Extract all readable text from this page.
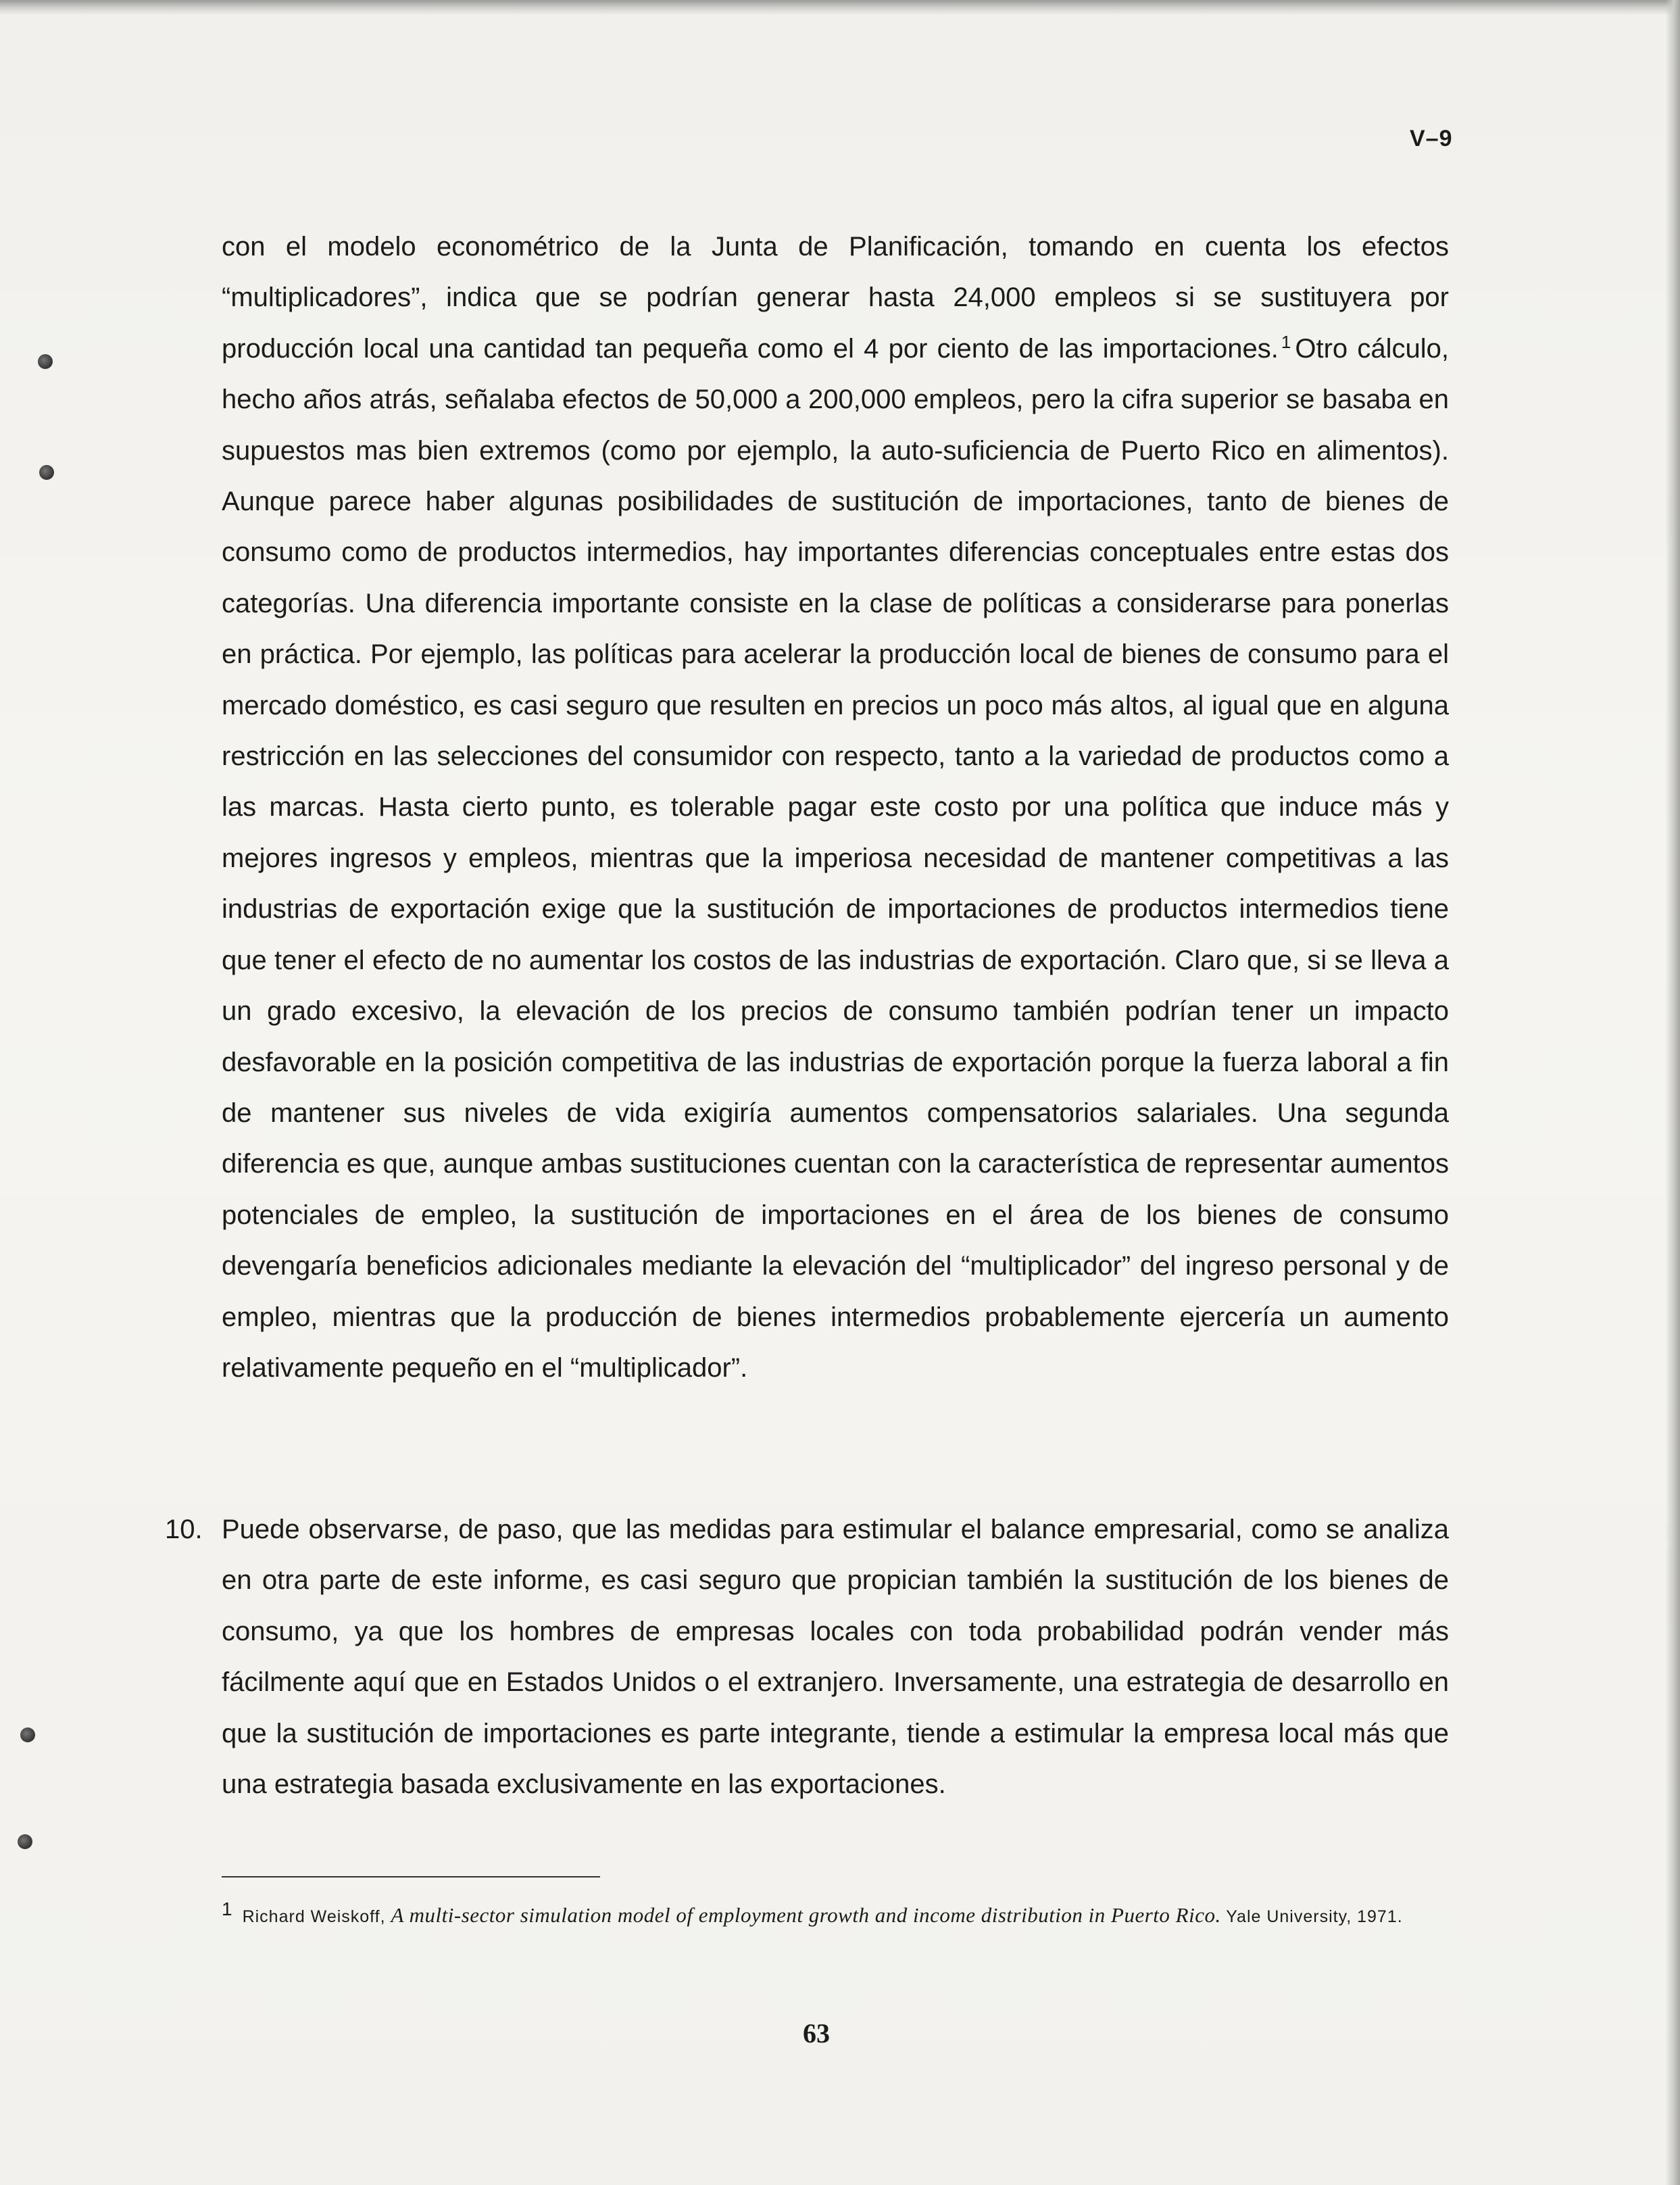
V–9

con el modelo econométrico de la Junta de Planificación, tomando en cuenta los efectos “multiplicadores”, indica que se podrían generar hasta 24,000 empleos si se sustituyera por producción local una cantidad tan pequeña como el 4 por ciento de las importaciones. $^1$ Otro cálculo, hecho años atrás, señalaba efectos de 50,000 a 200,000 empleos, pero la cifra superior se basaba en supuestos mas bien extremos (como por ejemplo, la auto-suficiencia de Puerto Rico en alimentos). Aunque parece haber algunas posibilidades de sustitución de importaciones, tanto de bienes de consumo como de productos intermedios, hay importantes diferencias conceptuales entre estas dos categorías. Una diferencia importante consiste en la clase de políticas a considerarse para ponerlas en práctica. Por ejemplo, las políticas para acelerar la producción local de bienes de consumo para el mercado doméstico, es casi seguro que resulten en precios un poco más altos, al igual que en alguna restricción en las selecciones del consumidor con respecto, tanto a la variedad de productos como a las marcas. Hasta cierto punto, es tolerable pagar este costo por una política que induce más y mejores ingresos y empleos, mientras que la imperiosa necesidad de mantener competitivas a las industrias de exportación exige que la sustitución de importaciones de productos intermedios tiene que tener el efecto de no aumentar los costos de las industrias de exportación. Claro que, si se lleva a un grado excesivo, la elevación de los precios de consumo también podrían tener un impacto desfavorable en la posición competitiva de las industrias de exportación porque la fuerza laboral a fin de mantener sus niveles de vida exigiría aumentos compensatorios salariales. Una segunda diferencia es que, aunque ambas sustituciones cuentan con la característica de representar aumentos potenciales de empleo, la sustitución de importaciones en el área de los bienes de consumo devengaría beneficios adicionales mediante la elevación del “multiplicador” del ingreso personal y de empleo, mientras que la producción de bienes intermedios probablemente ejercería un aumento relativamente pequeño en el “multiplicador”.

10. Puede observarse, de paso, que las medidas para estimular el balance empresarial, como se analiza en otra parte de este informe, es casi seguro que propician también la sustitución de los bienes de consumo, ya que los hombres de empresas locales con toda probabilidad podrán vender más fácilmente aquí que en Estados Unidos o el extranjero. Inversamente, una estrategia de desarrollo en que la sustitución de importaciones es parte integrante, tiende a estimular la empresa local más que una estrategia basada exclusivamente en las exportaciones.

1 Richard Weiskoff, A multi-sector simulation model of employment growth and income distribution in Puerto Rico. Yale University, 1971.

63
